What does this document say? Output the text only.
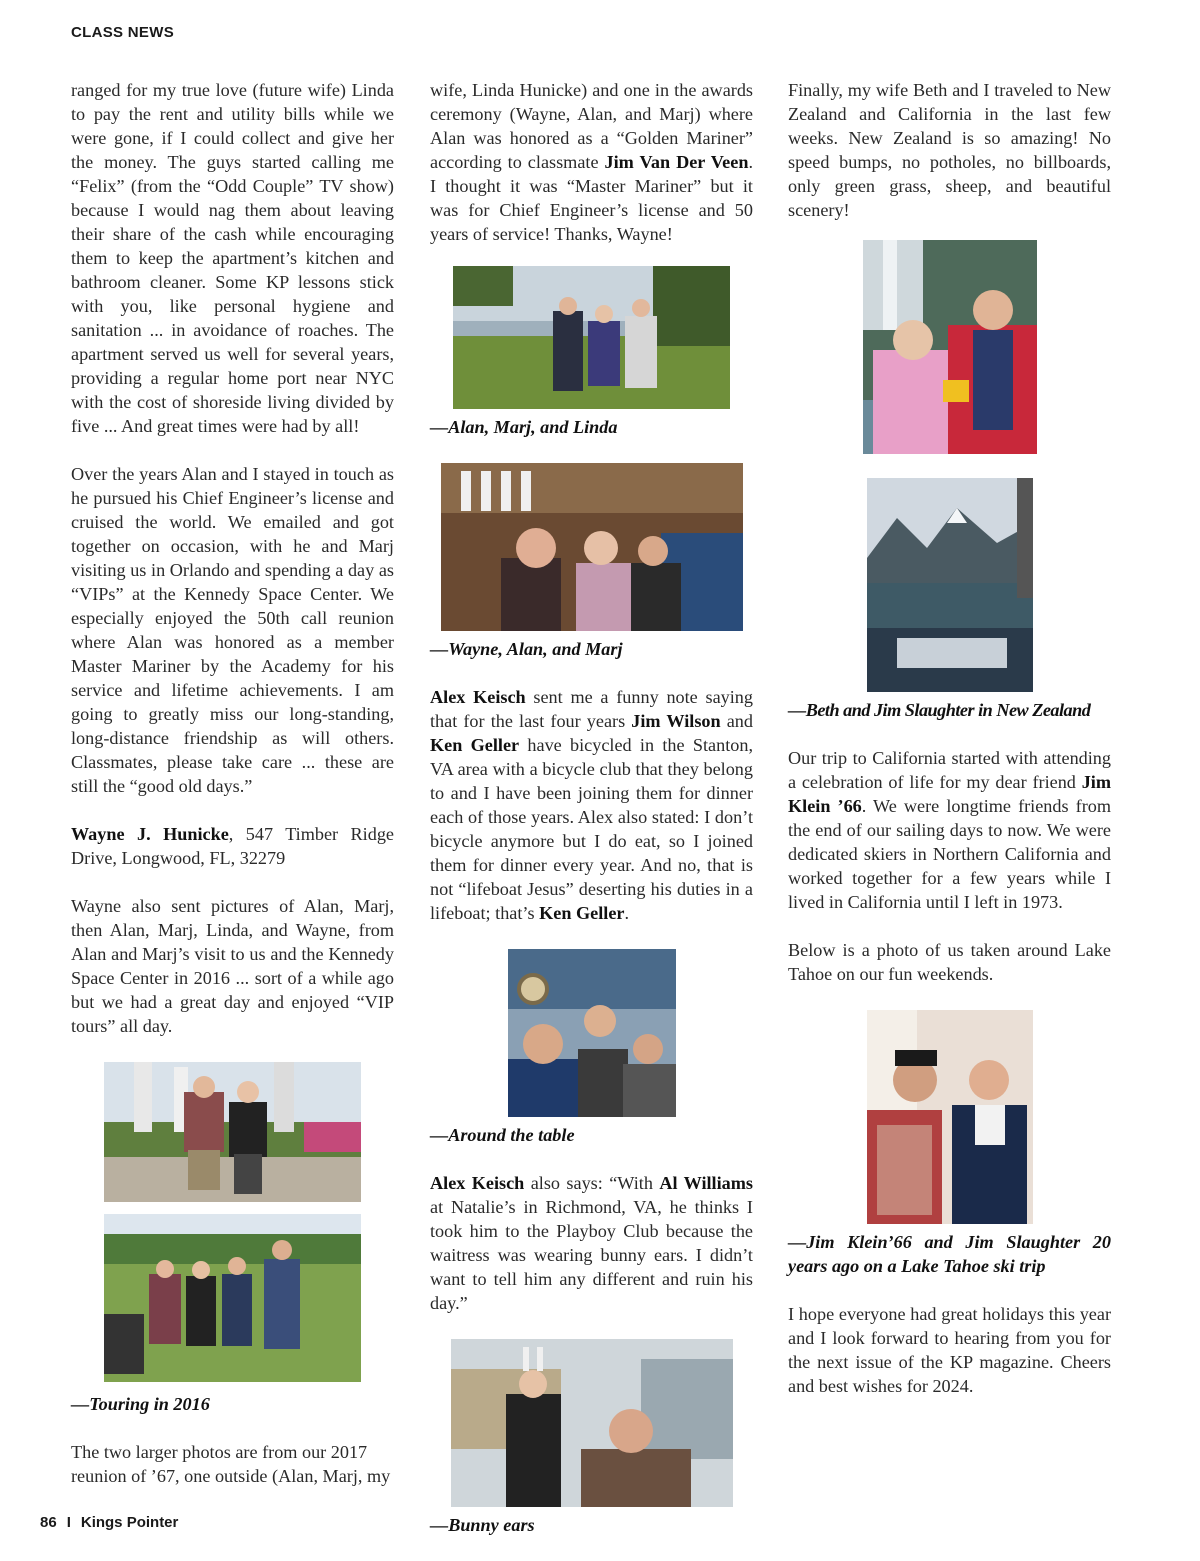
CLASS NEWS

ranged for my true love (future wife) Linda to pay the rent and utility bills while we were gone, if I could collect and give her the money. The guys started calling me “Felix” (from the “Odd Couple” TV show) because I would nag them about leaving their share of the cash while encouraging them to keep the apartment’s kitchen and bathroom cleaner. Some KP lessons stick with you, like personal hygiene and sanitation ... in avoidance of roaches. The apartment served us well for several years, providing a regular home port near NYC with the cost of shoreside living divided by five ... And great times were had by all!

Over the years Alan and I stayed in touch as he pursued his Chief Engineer’s license and cruised the world. We emailed and got together on occasion, with he and Marj visiting us in Orlando and spending a day as “VIPs” at the Kennedy Space Center. We especially enjoyed the 50th call reunion where Alan was honored as a member Master Mariner by the Academy for his service and lifetime achievements. I am going to greatly miss our long-standing, long-distance friendship as will others. Classmates, please take care ... these are still the “good old days.”

Wayne J. Hunicke, 547 Timber Ridge Drive, Longwood, FL, 32279

Wayne also sent pictures of Alan, Marj, then Alan, Marj, Linda, and Wayne, from Alan and Marj’s visit to us and the Kennedy Space Center in 2016 ... sort of a while ago but we had a great day and enjoyed “VIP tours” all day.

—Touring in 2016

The two larger photos are from our 2017 reunion of ’67, one outside (Alan, Marj, my

wife, Linda Hunicke) and one in the awards ceremony (Wayne, Alan, and Marj) where Alan was honored as a “Golden Mariner” according to classmate Jim Van Der Veen. I thought it was “Master Mariner” but it was for Chief Engineer’s license and 50 years of service! Thanks, Wayne!

—Alan, Marj, and Linda
—Wayne, Alan, and Marj

Alex Keisch sent me a funny note saying that for the last four years Jim Wilson and Ken Geller have bicycled in the Stanton, VA area with a bicycle club that they belong to and I have been joining them for dinner each of those years. Alex also stated: I don’t bicycle anymore but I do eat, so I joined them for dinner every year. And no, that is not “lifeboat Jesus” deserting his duties in a lifeboat; that’s Ken Geller.

—Around the table

Alex Keisch also says: “With Al Williams at Natalie’s in Richmond, VA, he thinks I took him to the Playboy Club because the waitress was wearing bunny ears. I didn’t want to tell him any different and ruin his day.”

—Bunny ears

Finally, my wife Beth and I traveled to New Zealand and California in the last few weeks. New Zealand is so amazing! No speed bumps, no potholes, no billboards, only green grass, sheep, and beautiful scenery!

—Beth and Jim Slaughter in New Zealand

Our trip to California started with attending a celebration of life for my dear friend Jim Klein ’66. We were longtime friends from the end of our sailing days to now. We were dedicated skiers in Northern California and worked together for a few years while I lived in California until I left in 1973.

Below is a photo of us taken around Lake Tahoe on our fun weekends.

—Jim Klein’66 and Jim Slaughter 20 years ago on a Lake Tahoe ski trip

I hope everyone had great holidays this year and I look forward to hearing from you for the next issue of the KP magazine. Cheers and best wishes for 2024.

86 I Kings Pointer
